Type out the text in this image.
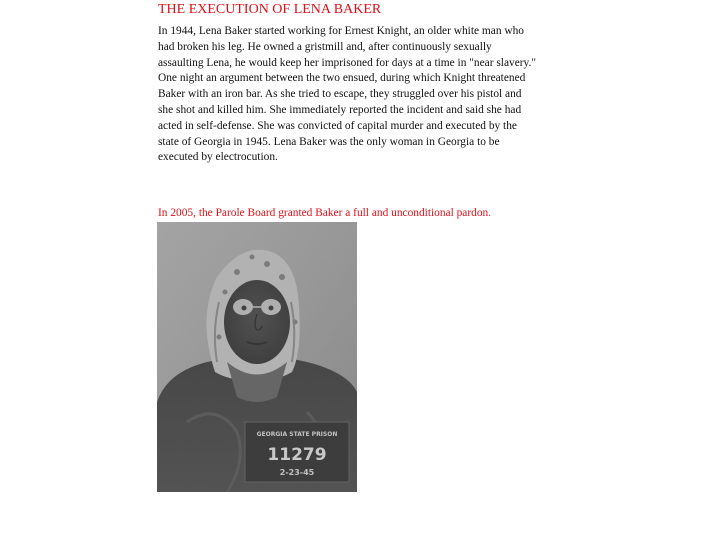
THE EXECUTION OF LENA BAKER
In 1944, Lena Baker started working for Ernest Knight, an older white man who
had broken his leg. He owned a gristmill and, after continuously sexually
assaulting Lena, he would keep her imprisoned for days at a time in "near slavery."
One night an argument between the two ensued, during which Knight threatened
Baker with an iron bar. As she tried to escape, they struggled over his pistol and
she shot and killed him. She immediately reported the incident and said she had
acted in self-defense. She was convicted of capital murder and executed by the
state of Georgia in 1945. Lena Baker was the only woman in Georgia to be
executed by electrocution.
In 2005, the Parole Board granted Baker a full and unconditional pardon.
GEORGIA STATE PRISON
11279
2-23-45
